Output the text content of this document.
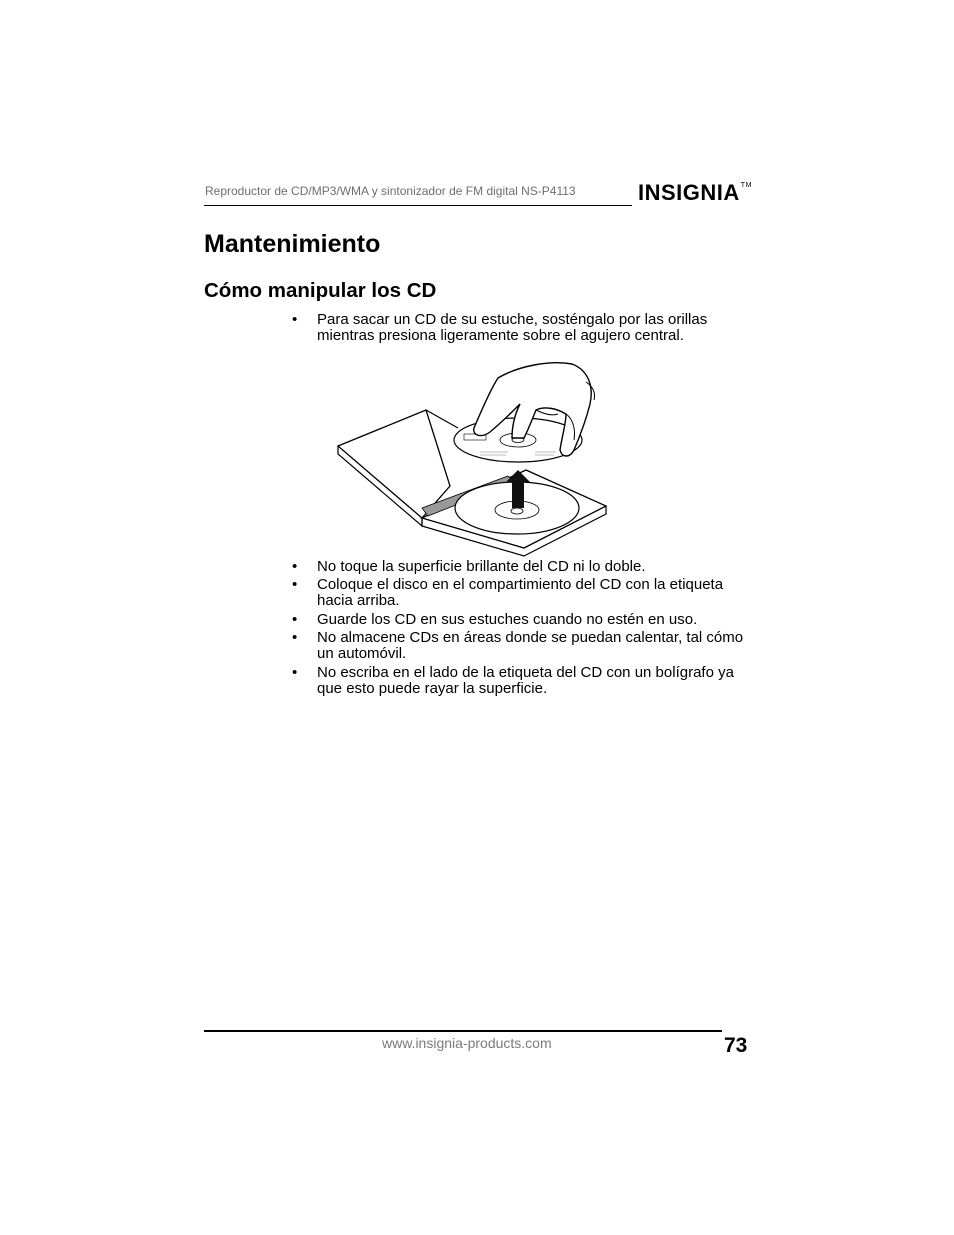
Reproductor de CD/MP3/WMA y sintonizador de FM digital NS-P4113	INSIGNIA™
Mantenimiento
Cómo manipular los CD
• Para sacar un CD de su estuche, sosténgalo por las orillas mientras presiona ligeramente sobre el agujero central.
• No toque la superficie brillante del CD ni lo doble.
• Coloque el disco en el compartimiento del CD con la etiqueta hacia arriba.
• Guarde los CD en sus estuches cuando no estén en uso.
• No almacene CDs en áreas donde se puedan calentar, tal cómo un automóvil.
• No escriba en el lado de la etiqueta del CD con un bolígrafo ya que esto puede rayar la superficie.
www.insignia-products.com	73
